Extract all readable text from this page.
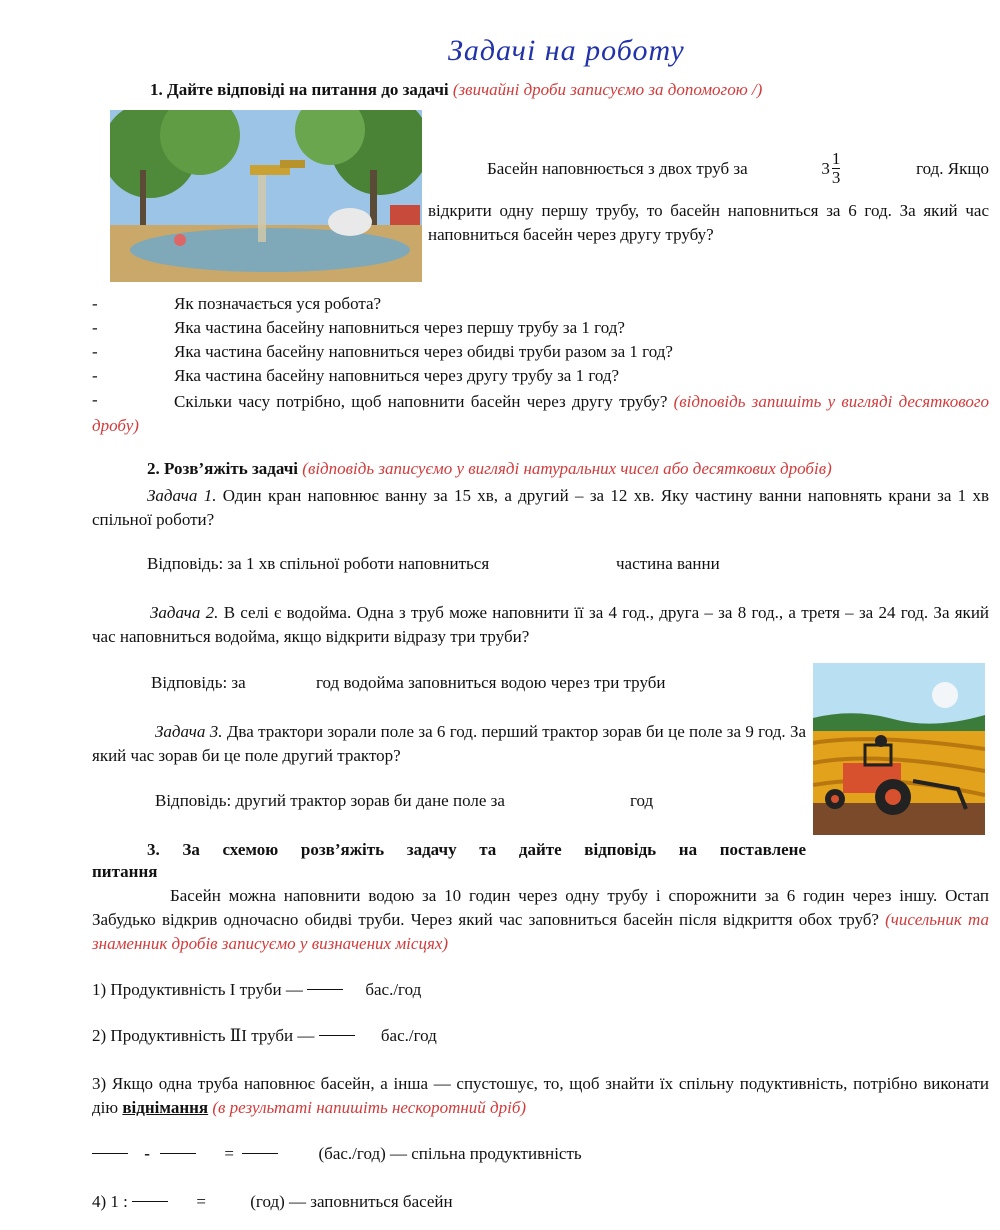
Задачі на роботу
1. Дайте відповіді на питання до задачі (звичайні дроби записуємо за допомогою /)
Басейн наповнюється з двох труб за	$3 \frac{1}{3}$	год. Якщо
відкрити одну першу трубу, то басейн наповниться за 6 год. За який час наповниться басейн через другу трубу?
-	Як позначається уся робота?
-	Яка частина басейну наповниться через першу трубу за 1 год?
-	Яка частина басейну наповниться через обидві труби разом за 1 год?
-	Яка частина басейну наповниться через другу трубу за 1 год?
-	Скільки часу потрібно, щоб наповнити басейн через другу трубу? (відповідь запишіть у вигляді десяткового дробу)
2. Розв’яжіть задачі (відповідь записуємо у вигляді натуральних чисел або десяткових дробів)
Задача 1. Один кран наповнює ванну за 15 хв, а другий – за 12 хв. Яку частину ванни наповнять крани за 1 хв спільної роботи?
Відповідь: за 1 хв спільної роботи наповниться	частина ванни
Задача 2. В селі є водойма. Одна з труб може наповнити її за 4 год., друга – за 8 год., а третя – за 24 год. За який час наповниться водойма, якщо відкрити відразу три труби?
Відповідь: за	год водойма заповниться водою через три труби
Задача 3. Два трактори зорали поле за 6 год. перший трактор зорав би це поле за 9 год. За який час зорав би це поле другий трактор?
Відповідь: другий трактор зорав би дане поле за	год
3. За схемою розв’яжіть задачу та дайте відповідь на поставлене
питання
Басейн можна наповнити водою за 10 годин через одну трубу і спорожнити за 6 годин через іншу. Остап Забудько відкрив одночасно обидві труби. Через який час заповниться басейн після відкриття обох труб? (чисельник та знаменник дробів записуємо у визначених місцях)
1) Продуктивність I труби —	бас./год
2) Продуктивність ⅡI труби —	бас./год
3) Якщо одна труба наповнює басейн, а інша — спустошує, то, щоб знайти їх спільну подуктивність, потрібно виконати дію віднімання (в результаті напишіть нескоротний дріб)
-	=	(бас./год) — спільна продуктивність
4) 1 :	=	(год) — заповниться басейн
